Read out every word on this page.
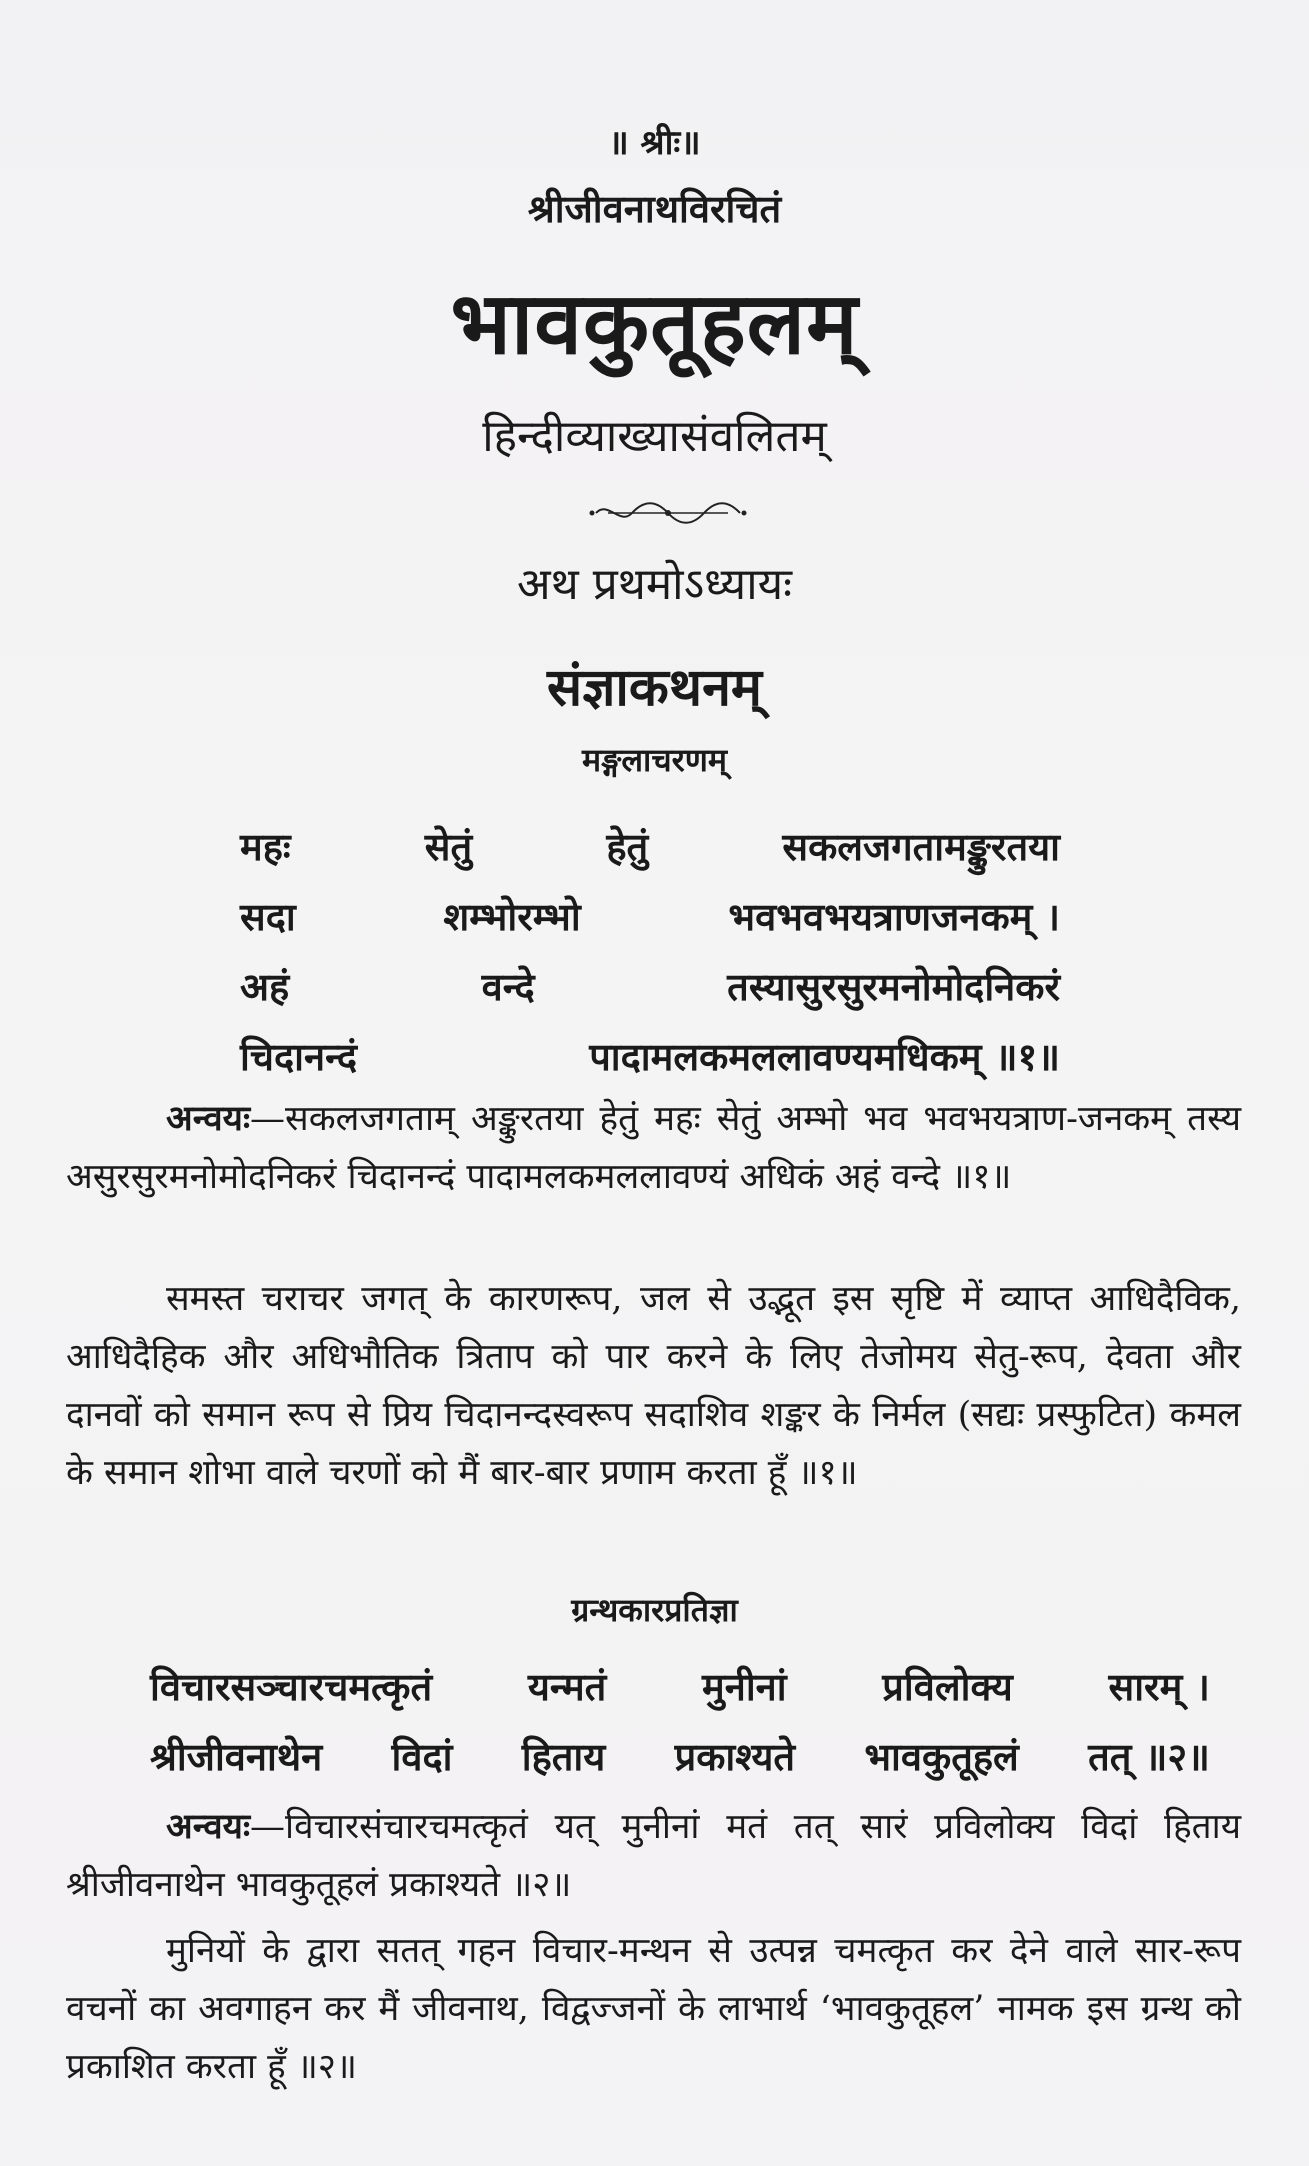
॥ श्रीः॥
श्रीजीवनाथविरचितं
भावकुतूहलम्
हिन्दीव्याख्यासंवलितम्
अथ प्रथमोऽध्यायः
संज्ञाकथनम्
मङ्गलाचरणम्
महः	सेतुं	हेतुं	सकलजगतामङ्कुरतया
सदा	शम्भोरम्भो	भवभवभयत्राणजनकम् ।
अहं	वन्दे	तस्यासुरसुरमनोमोदनिकरं
चिदानन्दं	पादामलकमललावण्यमधिकम् ॥१॥
अन्वयः—सकलजगताम् अङ्कुरतया हेतुं महः सेतुं अम्भो भव भवभयत्राण-जनकम् तस्य असुरसुरमनोमोदनिकरं चिदानन्दं पादामलकमललावण्यं अधिकं अहं वन्दे ॥१॥
समस्त चराचर जगत् के कारणरूप, जल से उद्भूत इस सृष्टि में व्याप्त आधिदैविक, आधिदैहिक और अधिभौतिक त्रिताप को पार करने के लिए तेजोमय सेतु-रूप, देवता और दानवों को समान रूप से प्रिय चिदानन्दस्वरूप सदाशिव शङ्कर के निर्मल (सद्यः प्रस्फुटित) कमल के समान शोभा वाले चरणों को मैं बार-बार प्रणाम करता हूँ ॥१॥
ग्रन्थकारप्रतिज्ञा
विचारसञ्चारचमत्कृतं	यन्मतं	मुनीनां	प्रविलोक्य	सारम् ।
श्रीजीवनाथेन विदां हिताय प्रकाश्यते भावकुतूहलं तत् ॥२॥
अन्वयः—विचारसंचारचमत्कृतं यत् मुनीनां मतं तत् सारं प्रविलोक्य विदां हिताय श्रीजीवनाथेन भावकुतूहलं प्रकाश्यते ॥२॥
मुनियों के द्वारा सतत् गहन विचार-मन्थन से उत्पन्न चमत्कृत कर देने वाले सार-रूप वचनों का अवगाहन कर मैं जीवनाथ, विद्वज्जनों के लाभार्थ ‘भावकुतूहल’ नामक इस ग्रन्थ को प्रकाशित करता हूँ ॥२॥
